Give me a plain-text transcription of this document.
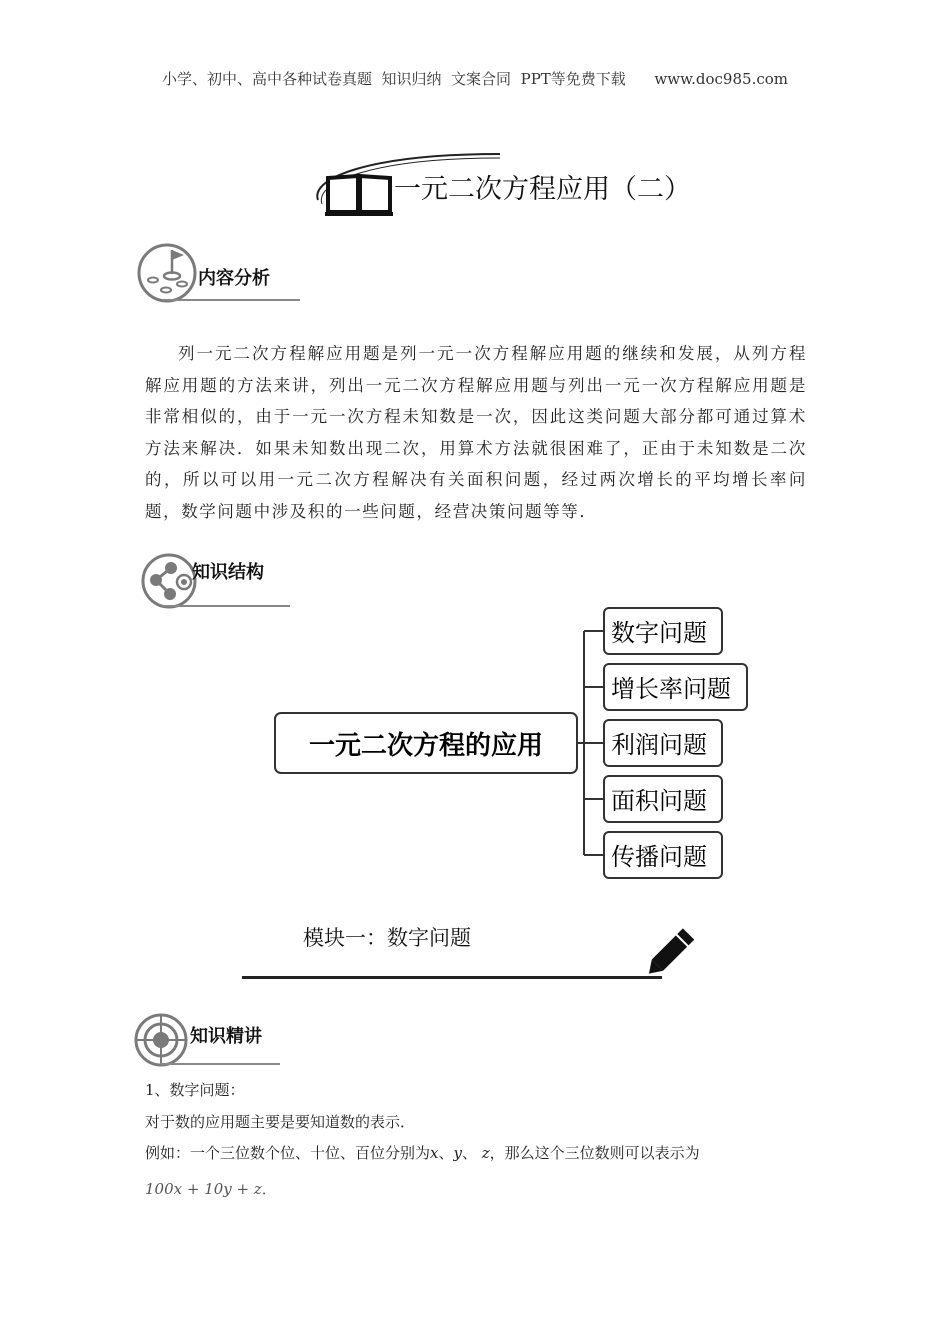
小学、初中、高中各种试卷真题  知识归纳  文案合同  PPT等免费下载      www.doc985.com
一元二次方程应用（二）
内容分析
列一元二次方程解应用题是列一元一次方程解应用题的继续和发展，从列方程解应用题的方法来讲，列出一元二次方程解应用题与列出一元一次方程解应用题是非常相似的，由于一元一次方程未知数是一次，因此这类问题大部分都可通过算术方法来解决．如果未知数出现二次，用算术方法就很困难了，正由于未知数是二次的，所以可以用一元二次方程解决有关面积问题，经过两次增长的平均增长率问题，数学问题中涉及积的一些问题，经营决策问题等等．
知识结构
一元二次方程的应用
数字问题
增长率问题
利润问题
面积问题
传播问题
模块一：数字问题
知识精讲
1、数字问题：
对于数的应用题主要是要知道数的表示．
例如：一个三位数个位、十位、百位分别为x、y、 z，那么这个三位数则可以表示为
100x + 10y + z．
